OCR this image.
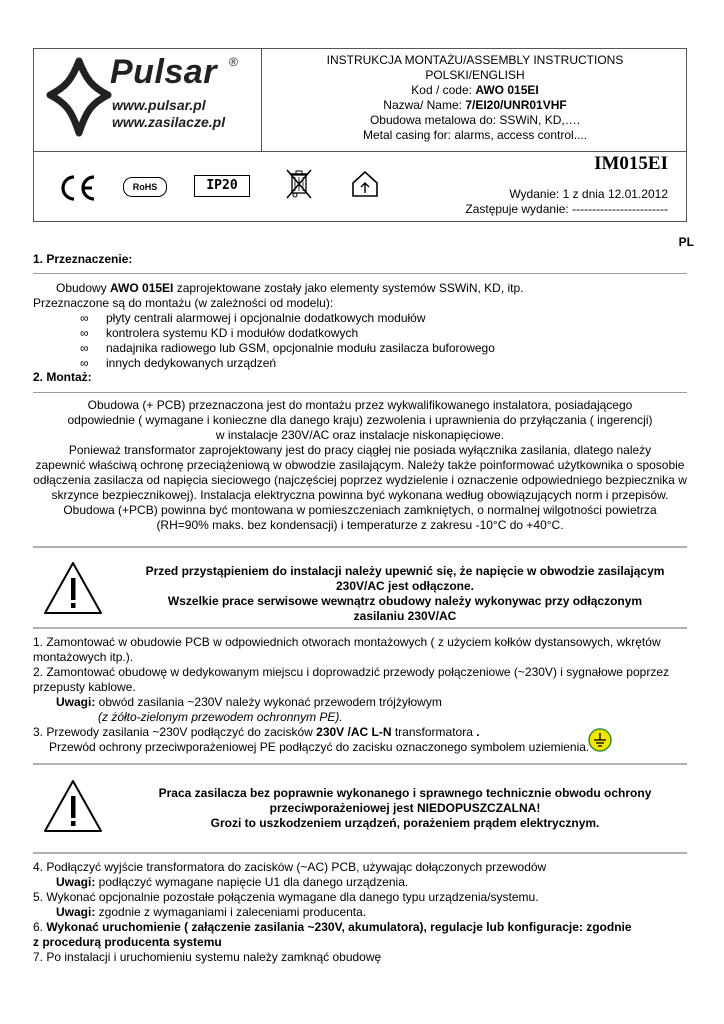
Pulsar ®
www.pulsar.pl
www.zasilacze.pl
INSTRUKCJA MONTAŻU/ASSEMBLY INSTRUCTIONS
POLSKI/ENGLISH
Kod / code: AWO 015EI
Nazwa/ Name: 7/EI20/UNR01VHF
Obudowa metalowa do: SSWiN, KD,….
Metal casing for: alarms, access control....
RoHS	IP20
IM015EI
Wydanie: 1 z dnia 12.01.2012
Zastępuje wydanie: ------------------------
PL
1. Przeznaczenie:
Obudowy AWO 015EI zaprojektowane zostały jako elementy systemów SSWiN, KD, itp.
Przeznaczone są do montażu (w zależności od modelu):
∞ płyty centrali alarmowej i opcjonalnie dodatkowych modułów
∞ kontrolera systemu KD i modułów dodatkowych
∞ nadajnika radiowego lub GSM, opcjonalnie modułu zasilacza buforowego
∞ innych dedykowanych urządzeń
2. Montaż:
Obudowa (+ PCB) przeznaczona jest do montażu przez wykwalifikowanego instalatora, posiadającego
odpowiednie ( wymagane i konieczne dla danego kraju) zezwolenia i uprawnienia do przyłączania ( ingerencji)
w instalacje 230V/AC oraz instalacje niskonapięciowe.
Ponieważ transformator zaprojektowany jest do pracy ciągłej nie posiada wyłącznika zasilania, dlatego należy
zapewnić właściwą ochronę przeciążeniową w obwodzie zasilającym. Należy także poinformować użytkownika o sposobie
odłączenia zasilacza od napięcia sieciowego (najczęściej poprzez wydzielenie i oznaczenie odpowiedniego bezpiecznika w
skrzynce bezpiecznikowej). Instalacja elektryczna powinna być wykonana według obowiązujących norm i przepisów.
Obudowa (+PCB) powinna być montowana w pomieszczeniach zamkniętych, o normalnej wilgotności powietrza
(RH=90% maks. bez kondensacji) i temperaturze z zakresu -10°C do +40°C.
Przed przystąpieniem do instalacji należy upewnić się, że napięcie w obwodzie zasilającym
230V/AC jest odłączone.
Wszelkie prace serwisowe wewnątrz obudowy należy wykonywac przy odłączonym
zasilaniu 230V/AC
1. Zamontować w obudowie PCB w odpowiednich otworach montażowych ( z użyciem kołków dystansowych, wkrętów
montażowych itp.).
2. Zamontować obudowę w dedykowanym miejscu i doprowadzić przewody połączeniowe (~230V) i sygnałowe poprzez
przepusty kablowe.
Uwagi: obwód zasilania ~230V należy wykonać przewodem trójżyłowym
(z żółto-zielonym przewodem ochronnym PE).
3. Przewody zasilania ~230V podłączyć do zacisków 230V /AC L-N transformatora .
Przewód ochrony przeciwporażeniowej PE podłączyć do zacisku oznaczonego symbolem uziemienia.
Praca zasilacza bez poprawnie wykonanego i sprawnego technicznie obwodu ochrony
przeciwporażeniowej jest NIEDOPUSZCZALNA!
Grozi to uszkodzeniem urządzeń, porażeniem prądem elektrycznym.
4. Podłączyć wyjście transformatora do zacisków (~AC) PCB, używając dołączonych przewodów
Uwagi: podłączyć wymagane napięcie U1 dla danego urządzenia.
5. Wykonać opcjonalnie pozostałe połączenia wymagane dla danego typu urządzenia/systemu.
Uwagi: zgodnie z wymaganiami i zaleceniami producenta.
6. Wykonać uruchomienie ( załączenie zasilania ~230V, akumulatora), regulacje lub konfiguracje: zgodnie
z procedurą producenta systemu
7. Po instalacji i uruchomieniu systemu należy zamknąć obudowę
